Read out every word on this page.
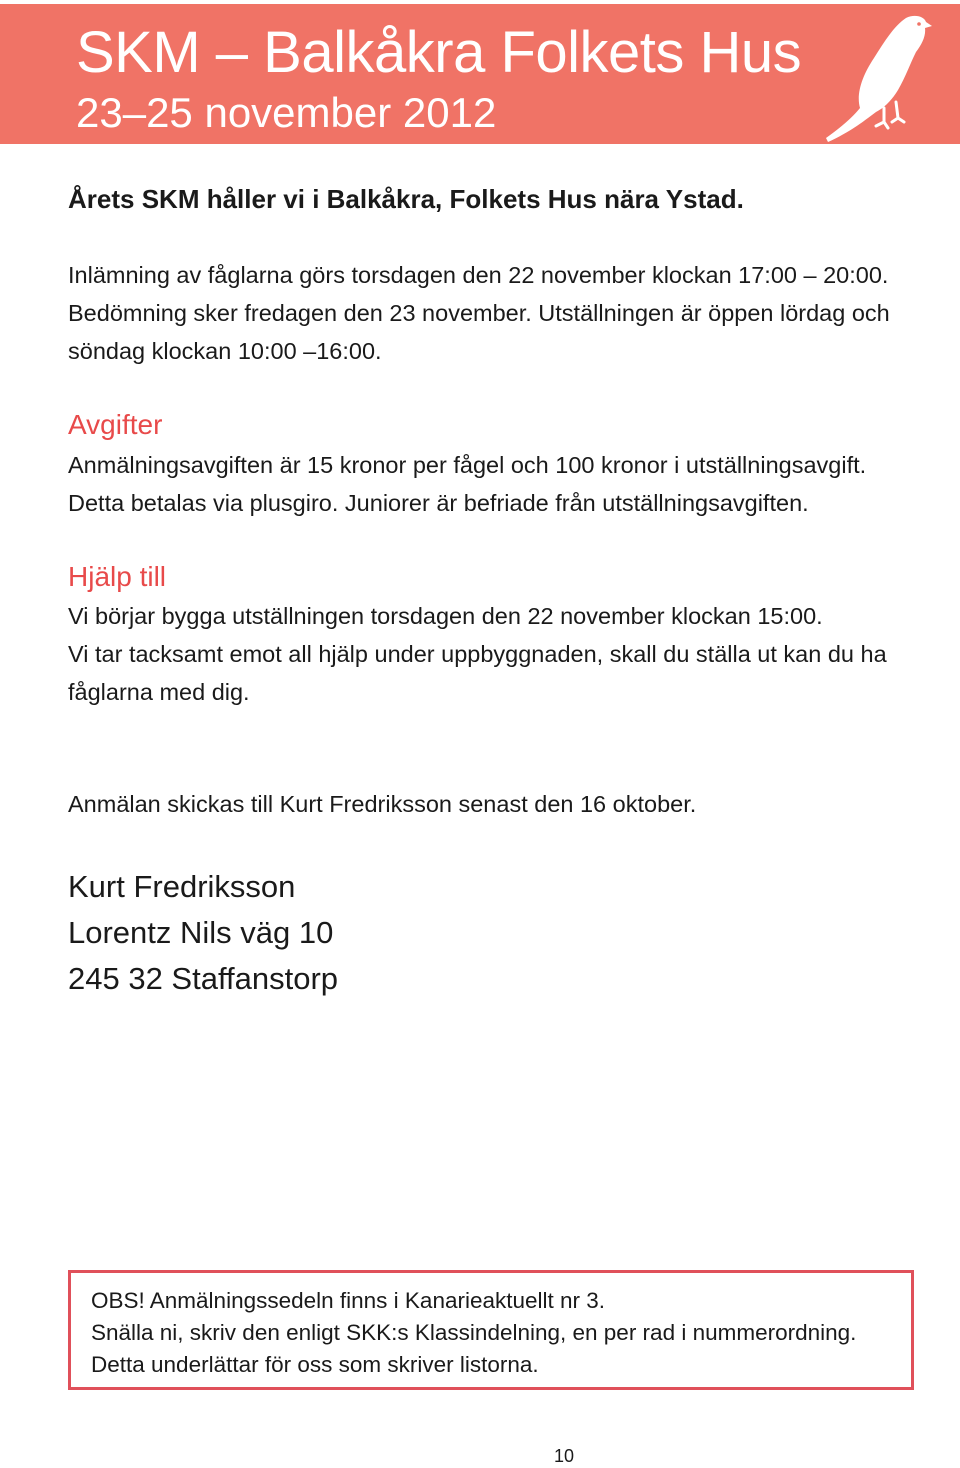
SKM – Balkåkra Folkets Hus
23–25 november 2012
Årets SKM håller vi i Balkåkra, Folkets Hus nära Ystad.
Inlämning av fåglarna görs torsdagen den 22 november klockan 17:00 – 20:00.
Bedömning sker fredagen den 23 november. Utställningen är öppen lördag och
söndag klockan 10:00 –16:00.
Avgifter
Anmälningsavgiften är 15 kronor per fågel och 100 kronor i utställningsavgift.
Detta betalas via plusgiro. Juniorer är befriade från utställningsavgiften.
Hjälp till
Vi börjar bygga utställningen torsdagen den 22 november klockan 15:00.
Vi tar tacksamt emot all hjälp under uppbyggnaden, skall du ställa ut kan du ha
fåglarna med dig.
Anmälan skickas till Kurt Fredriksson senast den 16 oktober.
Kurt Fredriksson
Lorentz Nils väg 10
245 32 Staffanstorp
OBS! Anmälningssedeln finns i Kanarieaktuellt nr 3.
Snälla ni, skriv den enligt SKK:s Klassindelning, en per rad i nummerordning.
Detta underlättar för oss som skriver listorna.
10
